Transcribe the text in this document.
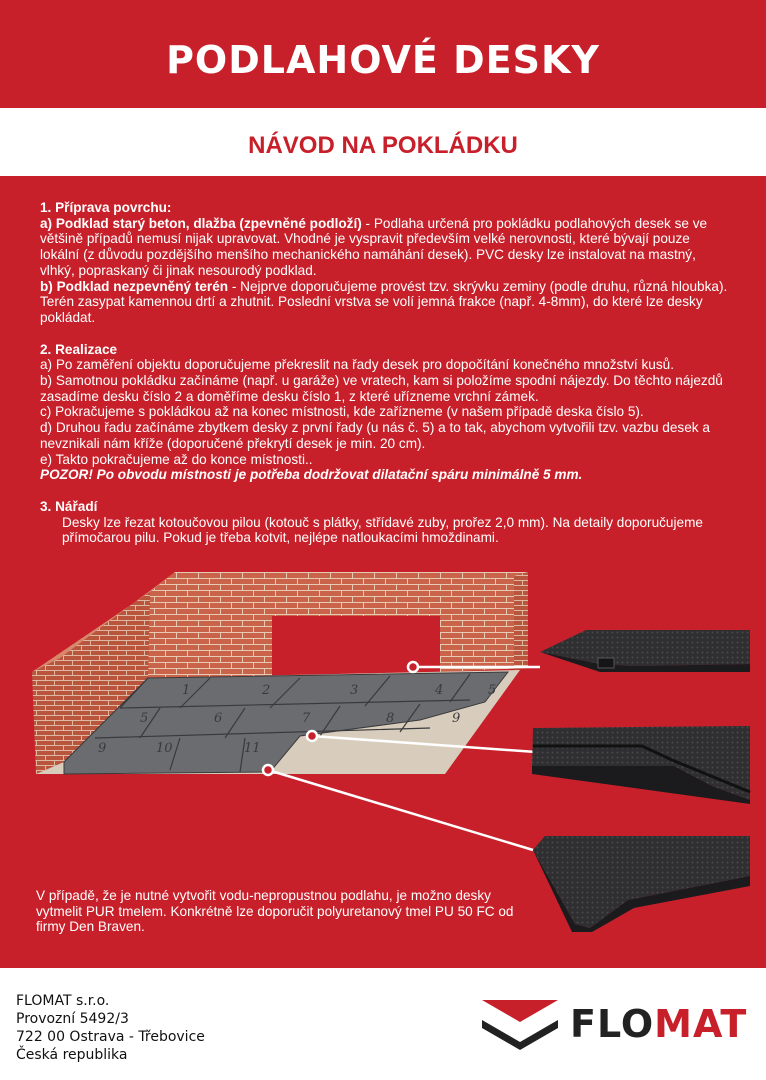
PODLAHOVÉ DESKY
NÁVOD NA POKLÁDKU

1. Příprava povrchu:

a) Podklad starý beton, dlažba (zpevněné podloží) - Podlaha určená pro pokládku podlahových desek se ve většině případů nemusí nijak upravovat. Vhodné je vyspravit především velké nerovnosti, které bývají pouze lokální (z důvodu pozdějšího menšího mechanického namáhání desek). PVC desky lze instalovat na mastný, vlhký, popraskaný či jinak nesourodý podklad.

b) Podklad nezpevněný terén - Nejprve doporučujeme provést tzv. skrývku zeminy (podle druhu, různá hloubka). Terén zasypat kamennou drtí a zhutnit. Poslední vrstva se volí jemná frakce (např. 4-8mm), do které lze desky pokládat.

2. Realizace

a) Po zaměření objektu doporučujeme překreslit na řady desek pro dopočítání konečného množství kusů.

b) Samotnou pokládku začínáme (např. u garáže) ve vratech, kam si položíme spodní nájezdy. Do těchto nájezdů zasadíme desku číslo 2 a doměříme desku číslo 1, z které uřízneme vrchní zámek.

c) Pokračujeme s pokládkou až na konec místnosti, kde zařízneme (v našem případě deska číslo 5).

d) Druhou řadu začínáme zbytkem desky z první řady (u nás č. 5) a to tak, abychom vytvořili tzv. vazbu desek a nevznikali nám kříže (doporučené překrytí desek je min. 20 cm).

e) Takto pokračujeme až do konce místnosti..

POZOR! Po obvodu místnosti je potřeba dodržovat dilatační spáru minimálně 5 mm.

3. Nářadí

Desky lze řezat kotoučovou pilou (kotouč s plátky, střídavé zuby, prořez 2,0 mm). Na detaily doporučujeme přímočarou pilu. Pokud je třeba kotvit, nejlépe natloukacími hmoždinami.

1	2	3	4	5
5	6	7	8	9
9	10	11
V případě, že je nutné vytvořit vodu-nepropustnou podlahu, je možno desky vytmelit PUR tmelem. Konkrétně lze doporučit polyuretanový tmel PU 50 FC od firmy Den Braven.
FLOMAT s.r.o.
Provozní 5492/3
722 00 Ostrava - Třebovice
Česká republika
FLOMAT
